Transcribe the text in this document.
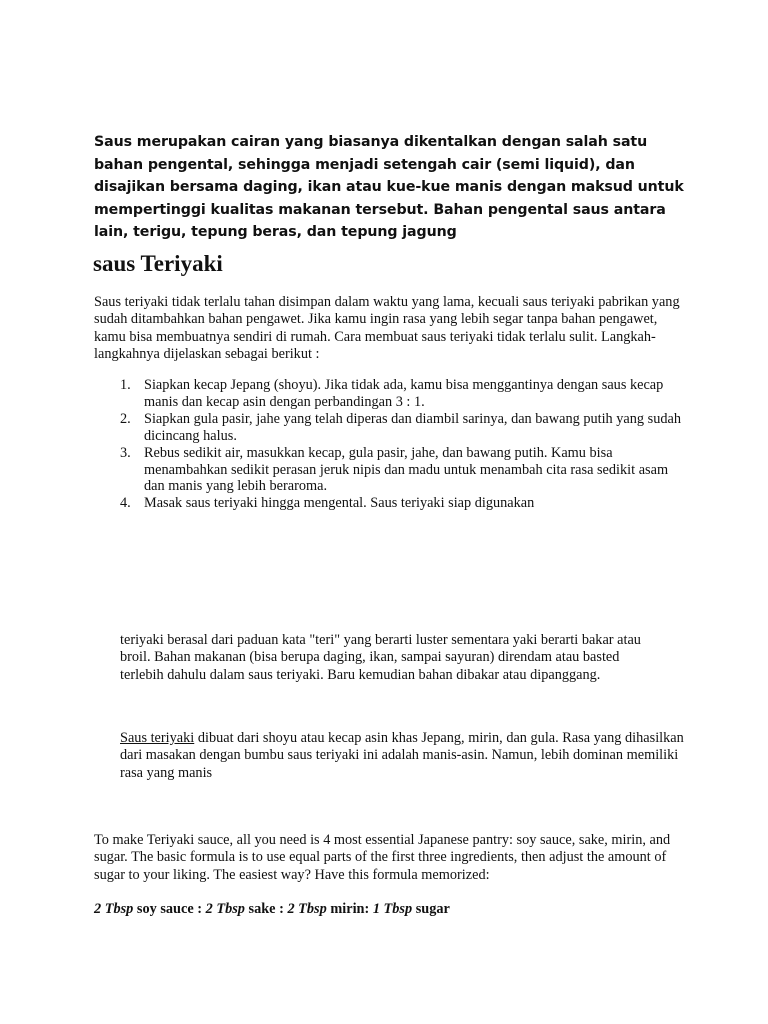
Saus merupakan cairan yang biasanya dikentalkan dengan salah satu bahan pengental, sehingga menjadi setengah cair (semi liquid), dan disajikan bersama daging, ikan atau kue-kue manis dengan maksud untuk mempertinggi kualitas makanan tersebut. Bahan pengental saus antara lain, terigu, tepung beras, dan tepung jagung

saus Teriyaki

Saus teriyaki tidak terlalu tahan disimpan dalam waktu yang lama, kecuali saus teriyaki pabrikan yang sudah ditambahkan bahan pengawet. Jika kamu ingin rasa yang lebih segar tanpa bahan pengawet, kamu bisa membuatnya sendiri di rumah. Cara membuat saus teriyaki tidak terlalu sulit. Langkah-langkahnya dijelaskan sebagai berikut :

1. Siapkan kecap Jepang (shoyu). Jika tidak ada, kamu bisa menggantinya dengan saus kecap manis dan kecap asin dengan perbandingan 3 : 1.
2. Siapkan gula pasir, jahe yang telah diperas dan diambil sarinya, dan bawang putih yang sudah dicincang halus.
3. Rebus sedikit air, masukkan kecap, gula pasir, jahe, dan bawang putih. Kamu bisa menambahkan sedikit perasan jeruk nipis dan madu untuk menambah cita rasa sedikit asam dan manis yang lebih beraroma.
4. Masak saus teriyaki hingga mengental. Saus teriyaki siap digunakan

teriyaki berasal dari paduan kata "teri" yang berarti luster sementara yaki berarti bakar atau broil. Bahan makanan (bisa berupa daging, ikan, sampai sayuran) direndam atau basted terlebih dahulu dalam saus teriyaki. Baru kemudian bahan dibakar atau dipanggang.

Saus teriyaki dibuat dari shoyu atau kecap asin khas Jepang, mirin, dan gula. Rasa yang dihasilkan dari masakan dengan bumbu saus teriyaki ini adalah manis-asin. Namun, lebih dominan memiliki rasa yang manis

To make Teriyaki sauce, all you need is 4 most essential Japanese pantry: soy sauce, sake, mirin, and sugar. The basic formula is to use equal parts of the first three ingredients, then adjust the amount of sugar to your liking. The easiest way? Have this formula memorized:

2 Tbsp soy sauce : 2 Tbsp sake : 2 Tbsp mirin: 1 Tbsp sugar
